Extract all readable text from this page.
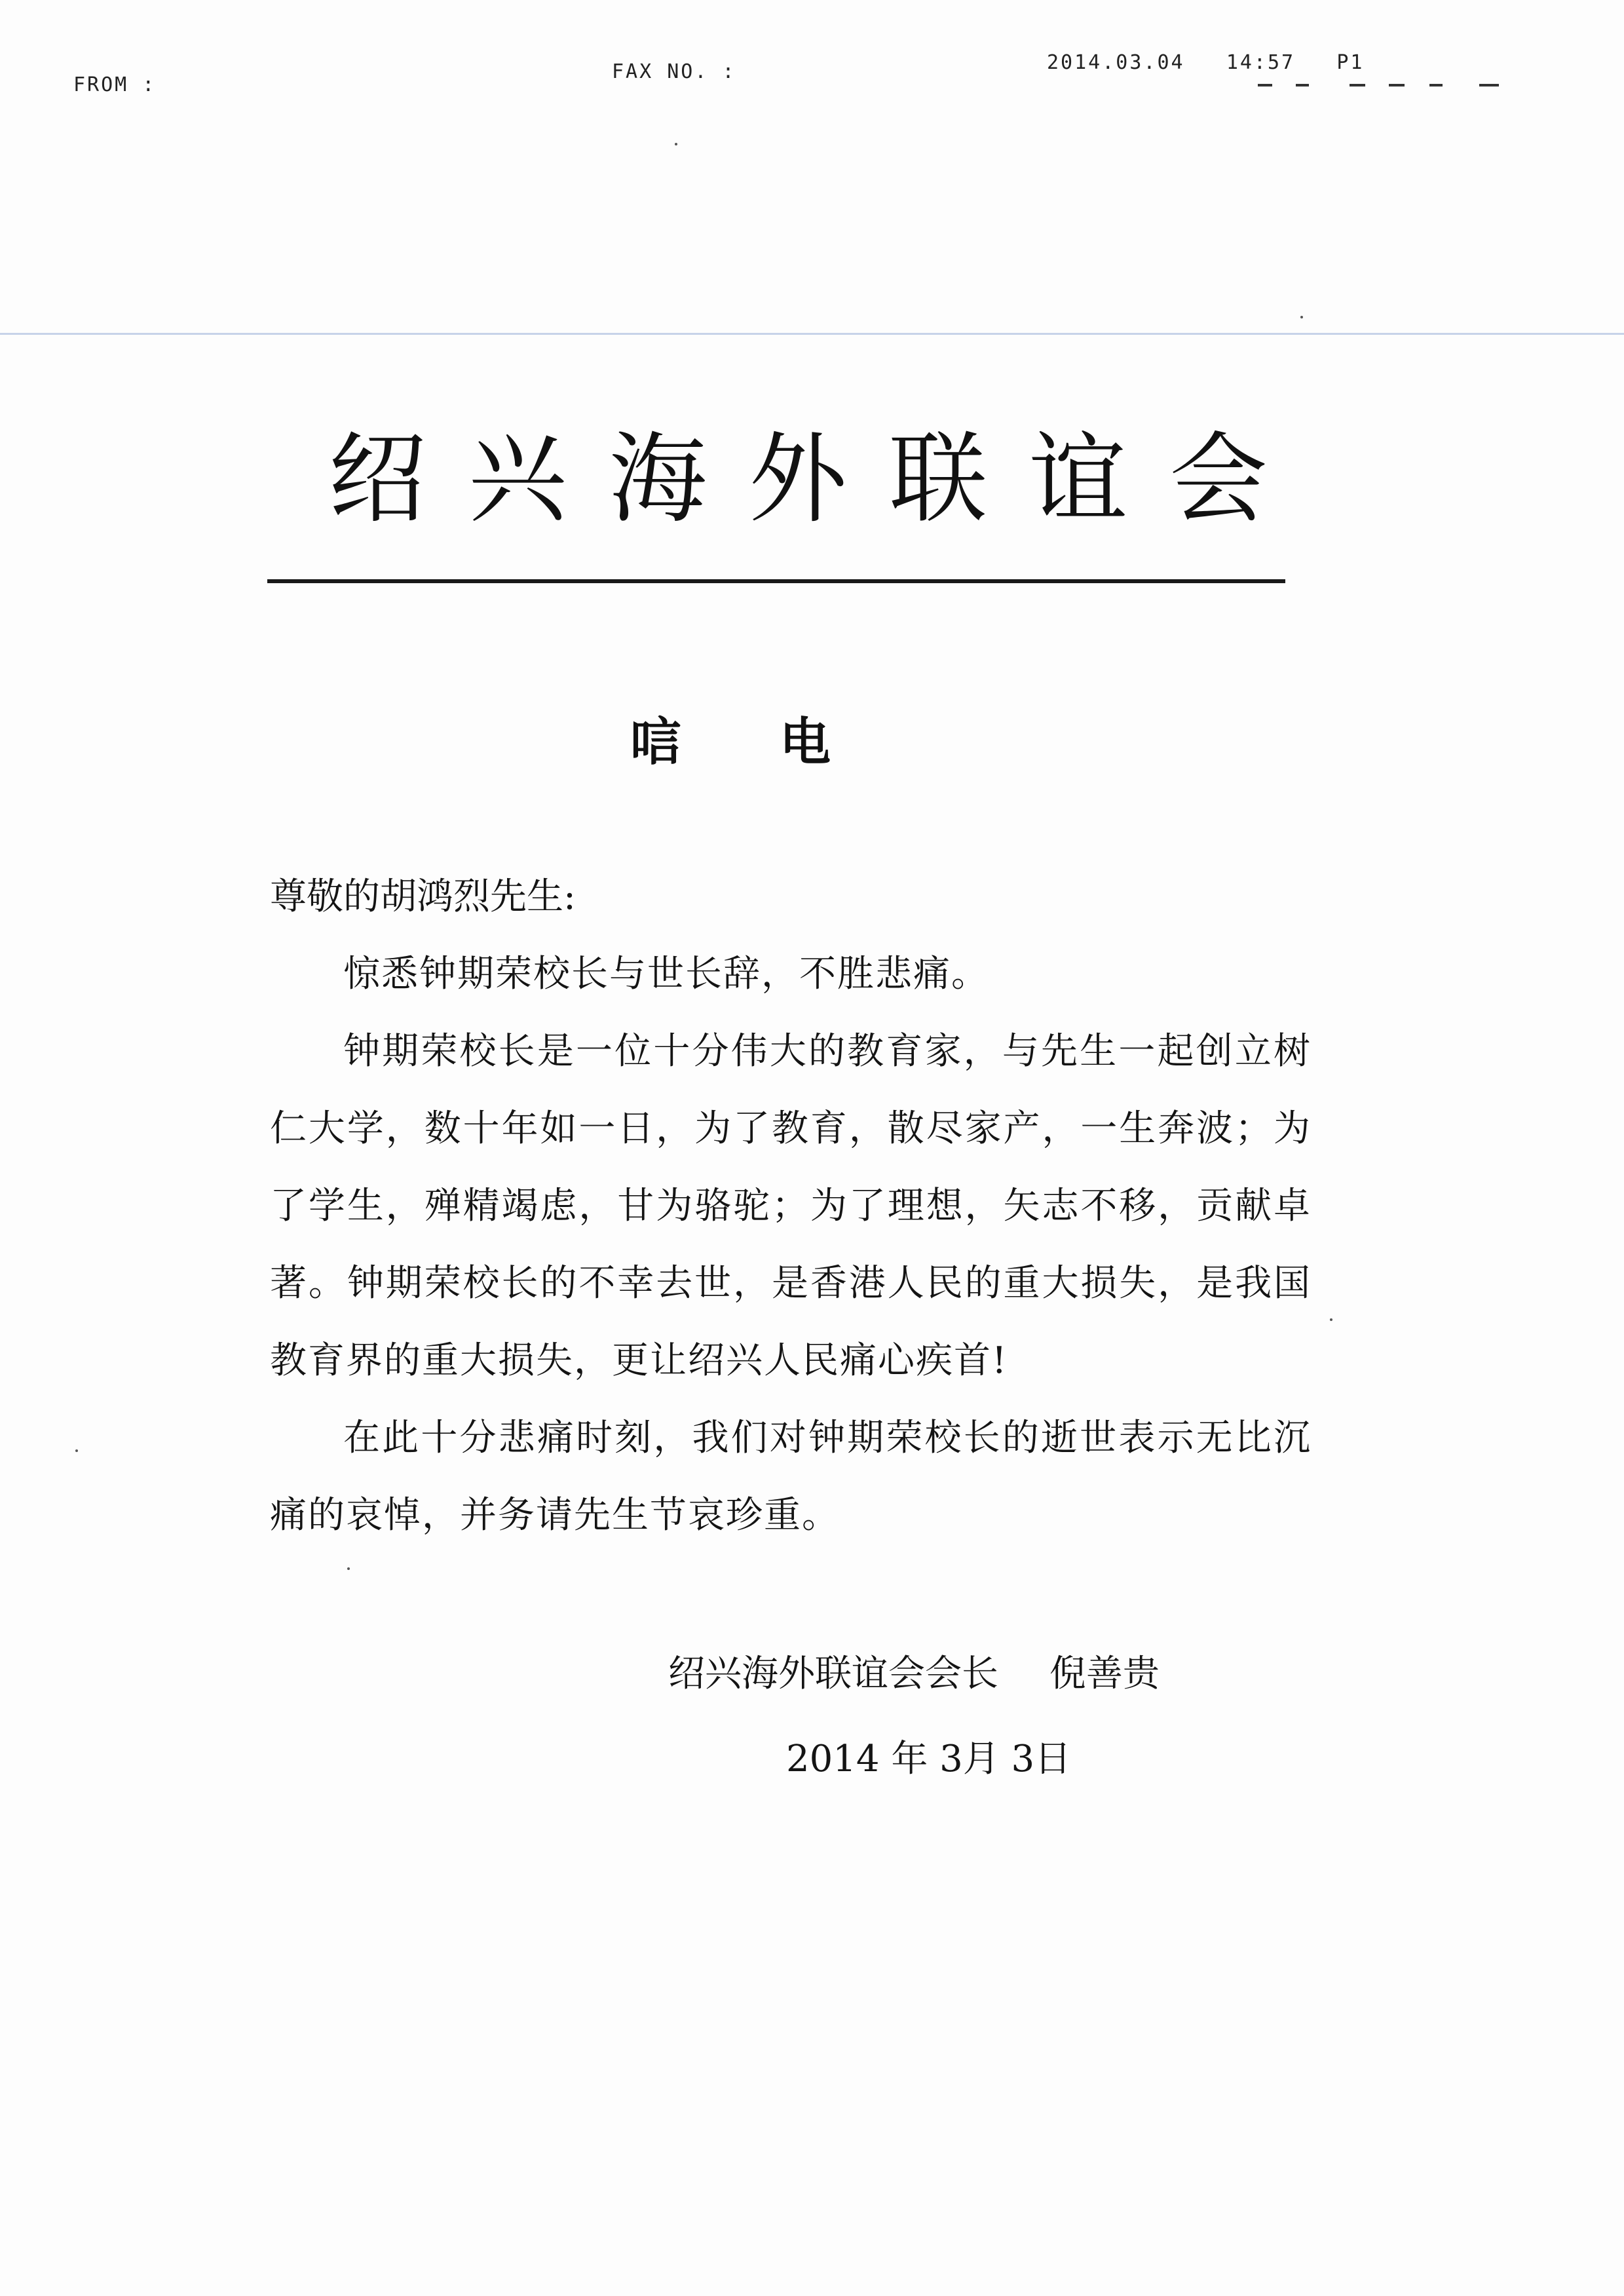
FROM :
FAX NO. :	2014.03.04 14:57 P1
绍兴海外联谊会
唁电

尊敬的胡鸿烈先生:

惊悉钟期荣校长与世长辞，不胜悲痛。

钟期荣校长是一位十分伟大的教育家，与先生一起创立树仁大学，数十年如一日，为了教育，散尽家产，一生奔波；为了学生，殚精竭虑，甘为骆驼；为了理想，矢志不移，贡献卓著。钟期荣校长的不幸去世，是香港人民的重大损失，是我国教育界的重大损失，更让绍兴人民痛心疾首!

在此十分悲痛时刻，我们对钟期荣校长的逝世表示无比沉痛的哀悼，并务请先生节哀珍重。

绍兴海外联谊会会长 倪善贵
2014 年 3月 3日
